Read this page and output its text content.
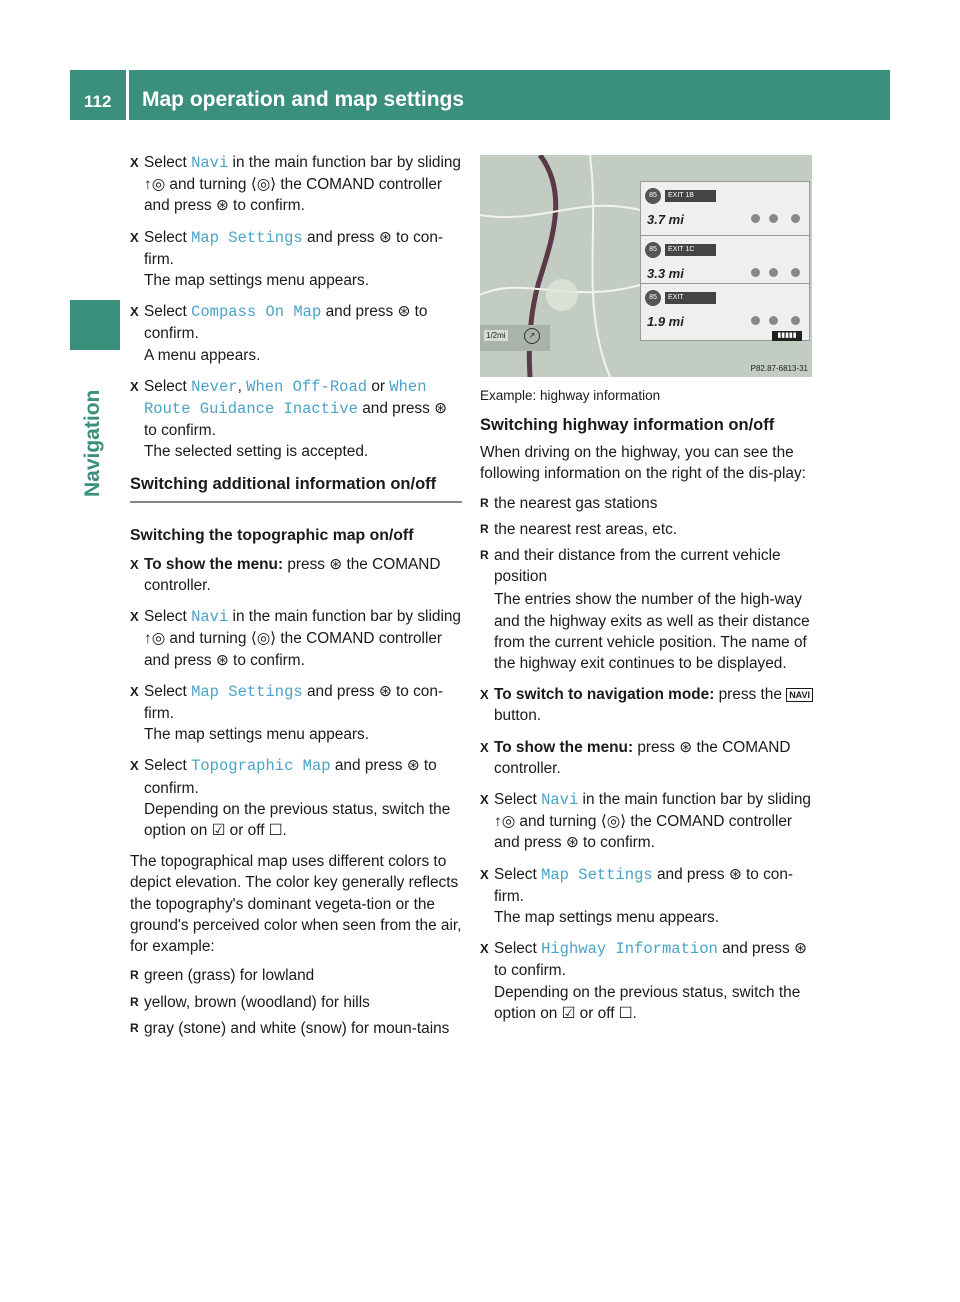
112 Map operation and map settings
Navigation
X Select Navi in the main function bar by sliding ↑◎ and turning ⟨◎⟩ the COMAND controller and press ⊛ to confirm.
X Select Map Settings and press ⊛ to con-firm.
The map settings menu appears.
X Select Compass On Map and press ⊛ to confirm.
A menu appears.
X Select Never, When Off-Road or When Route Guidance Inactive and press ⊛ to confirm.
The selected setting is accepted.
Switching additional information on/off
Switching the topographic map on/off
X To show the menu: press ⊛ the COMAND controller.
X Select Navi in the main function bar by sliding ↑◎ and turning ⟨◎⟩ the COMAND controller and press ⊛ to confirm.
X Select Map Settings and press ⊛ to con-firm.
The map settings menu appears.
X Select Topographic Map and press ⊛ to confirm.
Depending on the previous status, switch the option on ☑ or off ☐.
The topographical map uses different colors to depict elevation. The color key generally reflects the topography's dominant vegeta-tion or the ground's perceived color when seen from the air, for example:
R green (grass) for lowland
R yellow, brown (woodland) for hills
R gray (stone) and white (snow) for moun-tains
85	EXIT 1B
3.7 mi
85	EXIT 1C
3.3 mi
85	EXIT
1.9 mi
1/2mi	↗	▮▮▮▮▮
P82.87-6813-31
Example: highway information
Switching highway information on/off
When driving on the highway, you can see the following information on the right of the dis-play:
R the nearest gas stations
R the nearest rest areas, etc.
R and their distance from the current vehicle position
The entries show the number of the high-way and the highway exits as well as their distance from the current vehicle position. The name of the highway exit continues to be displayed.
X To switch to navigation mode: press the NAVI button.
X To show the menu: press ⊛ the COMAND controller.
X Select Navi in the main function bar by sliding ↑◎ and turning ⟨◎⟩ the COMAND controller and press ⊛ to confirm.
X Select Map Settings and press ⊛ to con-firm.
The map settings menu appears.
X Select Highway Information and press ⊛ to confirm.
Depending on the previous status, switch the option on ☑ or off ☐.
